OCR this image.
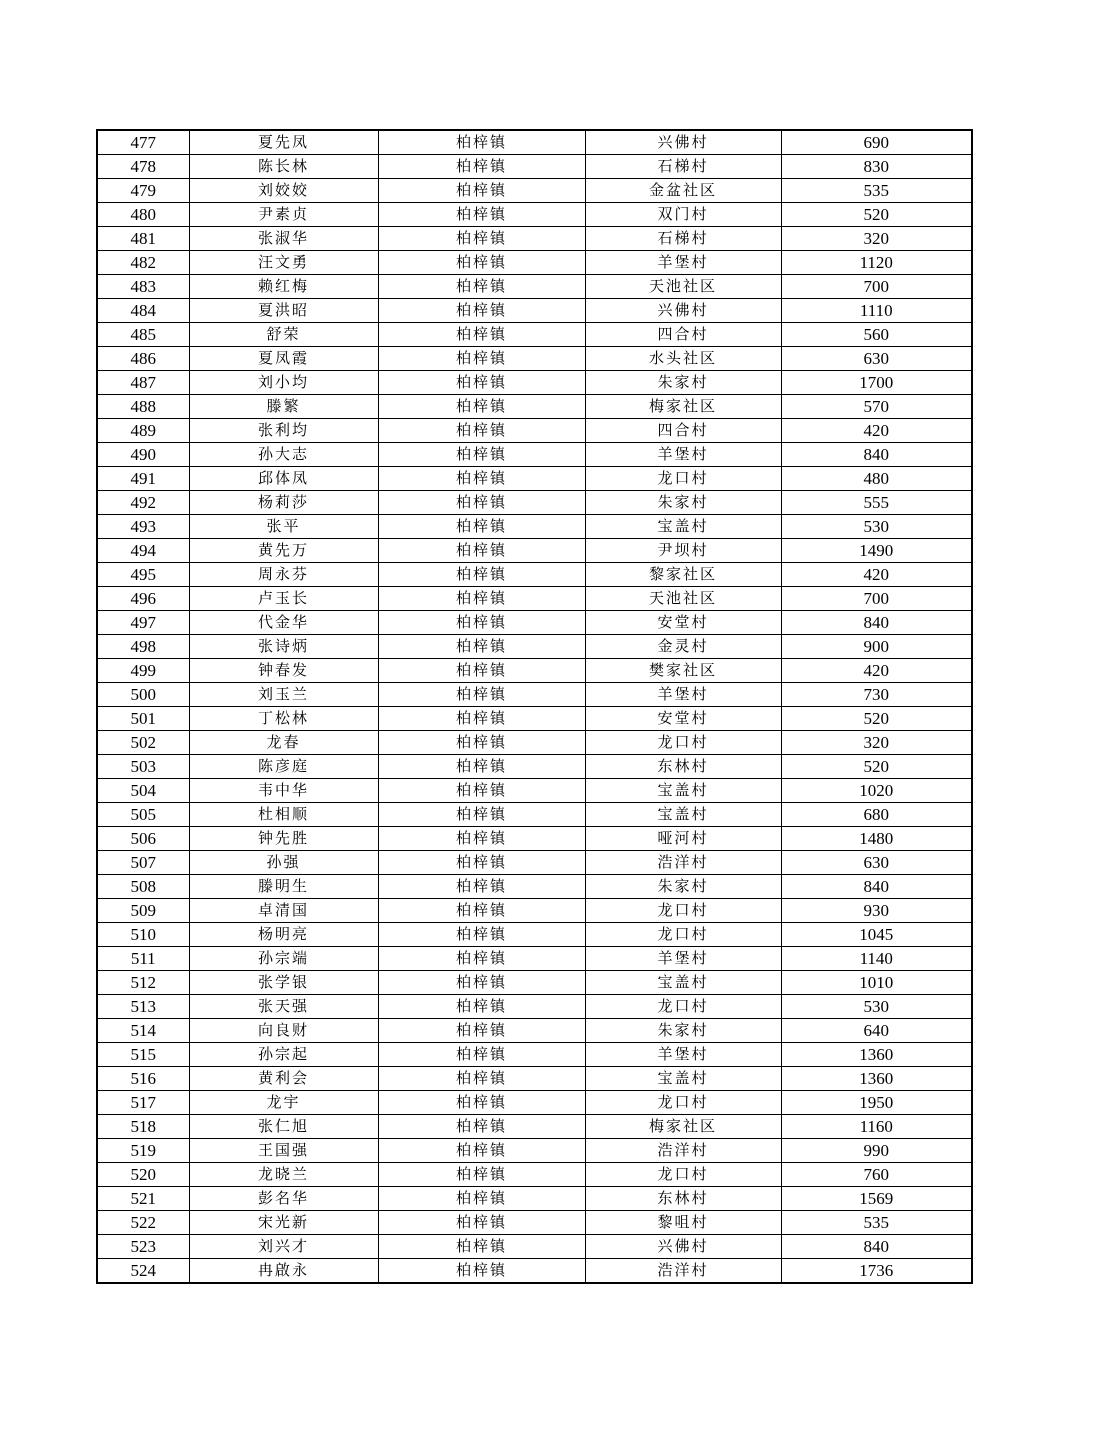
477	夏先凤	柏梓镇	兴佛村	690
478	陈长林	柏梓镇	石梯村	830
479	刘姣姣	柏梓镇	金盆社区	535
480	尹素贞	柏梓镇	双门村	520
481	张淑华	柏梓镇	石梯村	320
482	汪文勇	柏梓镇	羊堡村	1120
483	赖红梅	柏梓镇	天池社区	700
484	夏洪昭	柏梓镇	兴佛村	1110
485	舒荣	柏梓镇	四合村	560
486	夏凤霞	柏梓镇	水头社区	630
487	刘小均	柏梓镇	朱家村	1700
488	滕繁	柏梓镇	梅家社区	570
489	张利均	柏梓镇	四合村	420
490	孙大志	柏梓镇	羊堡村	840
491	邱体凤	柏梓镇	龙口村	480
492	杨莉莎	柏梓镇	朱家村	555
493	张平	柏梓镇	宝盖村	530
494	黄先万	柏梓镇	尹坝村	1490
495	周永芬	柏梓镇	黎家社区	420
496	卢玉长	柏梓镇	天池社区	700
497	代金华	柏梓镇	安堂村	840
498	张诗炳	柏梓镇	金灵村	900
499	钟春发	柏梓镇	樊家社区	420
500	刘玉兰	柏梓镇	羊堡村	730
501	丁松林	柏梓镇	安堂村	520
502	龙春	柏梓镇	龙口村	320
503	陈彦庭	柏梓镇	东林村	520
504	韦中华	柏梓镇	宝盖村	1020
505	杜相顺	柏梓镇	宝盖村	680
506	钟先胜	柏梓镇	哑河村	1480
507	孙强	柏梓镇	浩洋村	630
508	滕明生	柏梓镇	朱家村	840
509	卓清国	柏梓镇	龙口村	930
510	杨明亮	柏梓镇	龙口村	1045
511	孙宗端	柏梓镇	羊堡村	1140
512	张学银	柏梓镇	宝盖村	1010
513	张天强	柏梓镇	龙口村	530
514	向良财	柏梓镇	朱家村	640
515	孙宗起	柏梓镇	羊堡村	1360
516	黄利会	柏梓镇	宝盖村	1360
517	龙宇	柏梓镇	龙口村	1950
518	张仁旭	柏梓镇	梅家社区	1160
519	王国强	柏梓镇	浩洋村	990
520	龙晓兰	柏梓镇	龙口村	760
521	彭名华	柏梓镇	东林村	1569
522	宋光新	柏梓镇	黎咀村	535
523	刘兴才	柏梓镇	兴佛村	840
524	冉啟永	柏梓镇	浩洋村	1736
